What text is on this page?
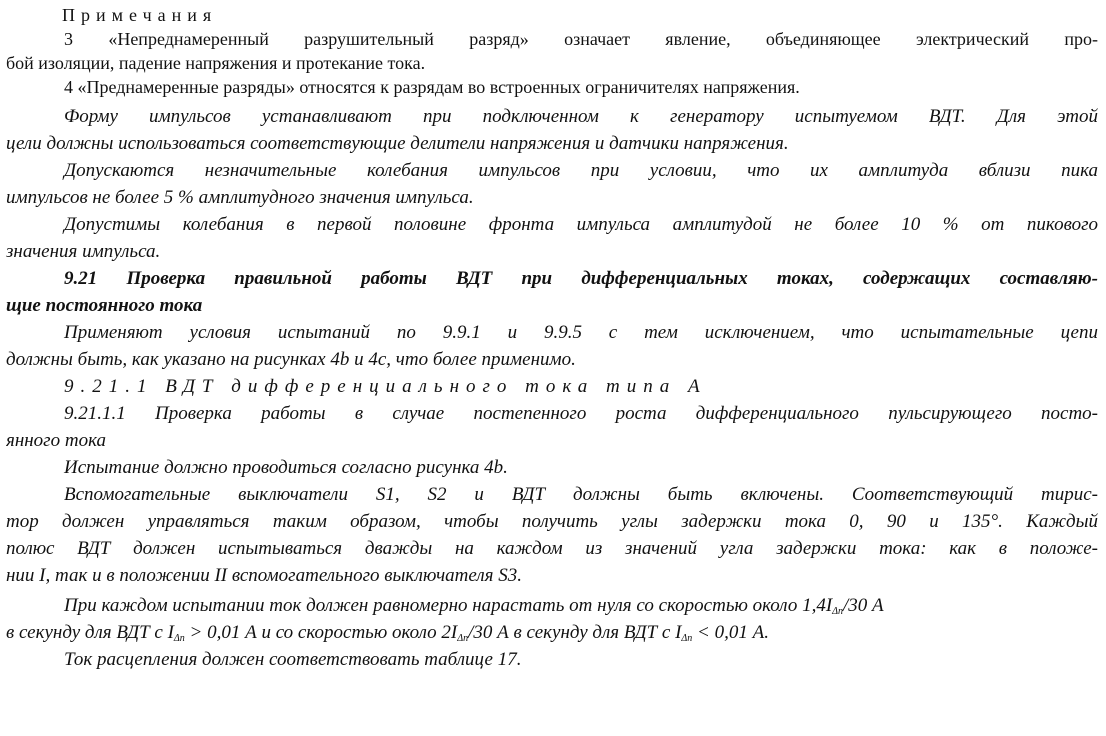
Примечания

3 «Непреднамеренный разрушительный разряд» означает явление, объединяющее электрический про-

бой изоляции, падение напряжения и протекание тока.

4 «Преднамеренные разряды» относятся к разрядам во встроенных ограничителях напряжения.

Форму импульсов устанавливают при подключенном к генератору испытуемом ВДТ. Для этой

цели должны использоваться соответствующие делители напряжения и датчики напряжения.

Допускаются незначительные колебания импульсов при условии, что их амплитуда вблизи пика

импульсов не более 5 % амплитудного значения импульса.

Допустимы колебания в первой половине фронта импульса амплитудой не более 10 % от пикового

значения импульса.

9.21 Проверка правильной работы ВДТ при дифференциальных токах, содержащих составляю-

щие постоянного тока

Применяют условия испытаний по 9.9.1 и 9.9.5 с тем исключением, что испытательные цепи

должны быть, как указано на рисунках 4b и 4c, что более применимо.

9.21.1 ВДТ дифференциального тока типа А

9.21.1.1 Проверка работы в случае постепенного роста дифференциального пульсирующего посто-

янного тока

Испытание должно проводиться согласно рисунка 4b.

Вспомогательные выключатели S1, S2 и ВДТ должны быть включены. Соответствующий тирис-

тор должен управляться таким образом, чтобы получить углы задержки тока 0, 90 и 135°. Каждый

полюс ВДТ должен испытываться дважды на каждом из значений угла задержки тока: как в положе-

нии I, так и в положении II вспомогательного выключателя S3.

При каждом испытании ток должен равномерно нарастать от нуля со скоростью около $1,4I_{\Delta n}/30$ А

в секунду для ВДТ с $I_{\Delta n} > 0,01$ А и со скоростью около $2I_{\Delta n}/30$ А в секунду для ВДТ с $I_{\Delta n} < 0,01$ А.

Ток расцепления должен соответствовать таблице 17.
